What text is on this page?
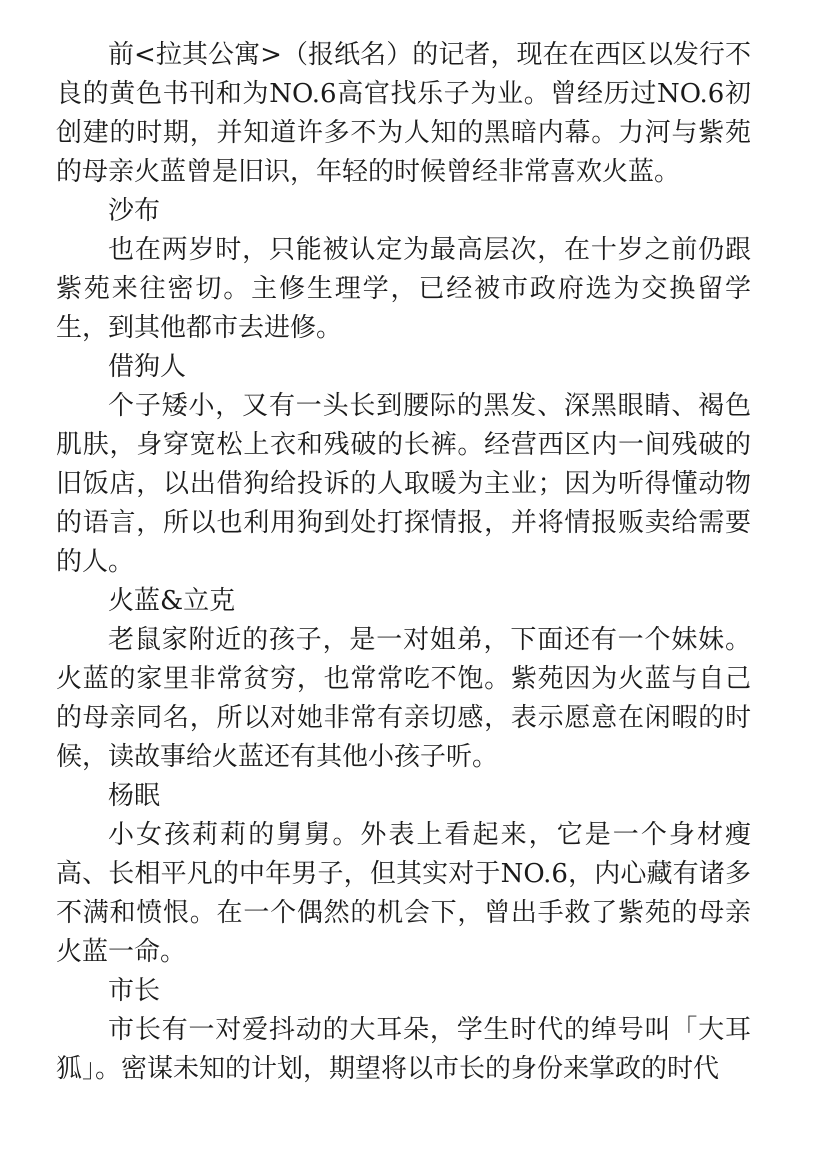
前<拉其公寓>（报纸名）的记者，现在在西区以发行不良的黄色书刊和为NO.6高官找乐子为业。曾经历过NO.6初创建的时期，并知道许多不为人知的黑暗内幕。力河与紫苑的母亲火蓝曾是旧识，年轻的时候曾经非常喜欢火蓝。

沙布

也在两岁时，只能被认定为最高层次，在十岁之前仍跟紫苑来往密切。主修生理学，已经被市政府选为交换留学生，到其他都市去进修。

借狗人

个子矮小，又有一头长到腰际的黑发、深黑眼睛、褐色肌肤，身穿宽松上衣和残破的长裤。经营西区内一间残破的旧饭店，以出借狗给投诉的人取暖为主业；因为听得懂动物的语言，所以也利用狗到处打探情报，并将情报贩卖给需要的人。

火蓝&立克

老鼠家附近的孩子，是一对姐弟，下面还有一个妹妹。火蓝的家里非常贫穷，也常常吃不饱。紫苑因为火蓝与自己的母亲同名，所以对她非常有亲切感，表示愿意在闲暇的时候，读故事给火蓝还有其他小孩子听。

杨眠

小女孩莉莉的舅舅。外表上看起来，它是一个身材瘦高、长相平凡的中年男子，但其实对于NO.6，内心藏有诸多不满和愤恨。在一个偶然的机会下，曾出手救了紫苑的母亲火蓝一命。

市长

市长有一对爱抖动的大耳朵，学生时代的绰号叫「大耳狐」。密谋未知的计划，期望将以市长的身份来掌政的时代
